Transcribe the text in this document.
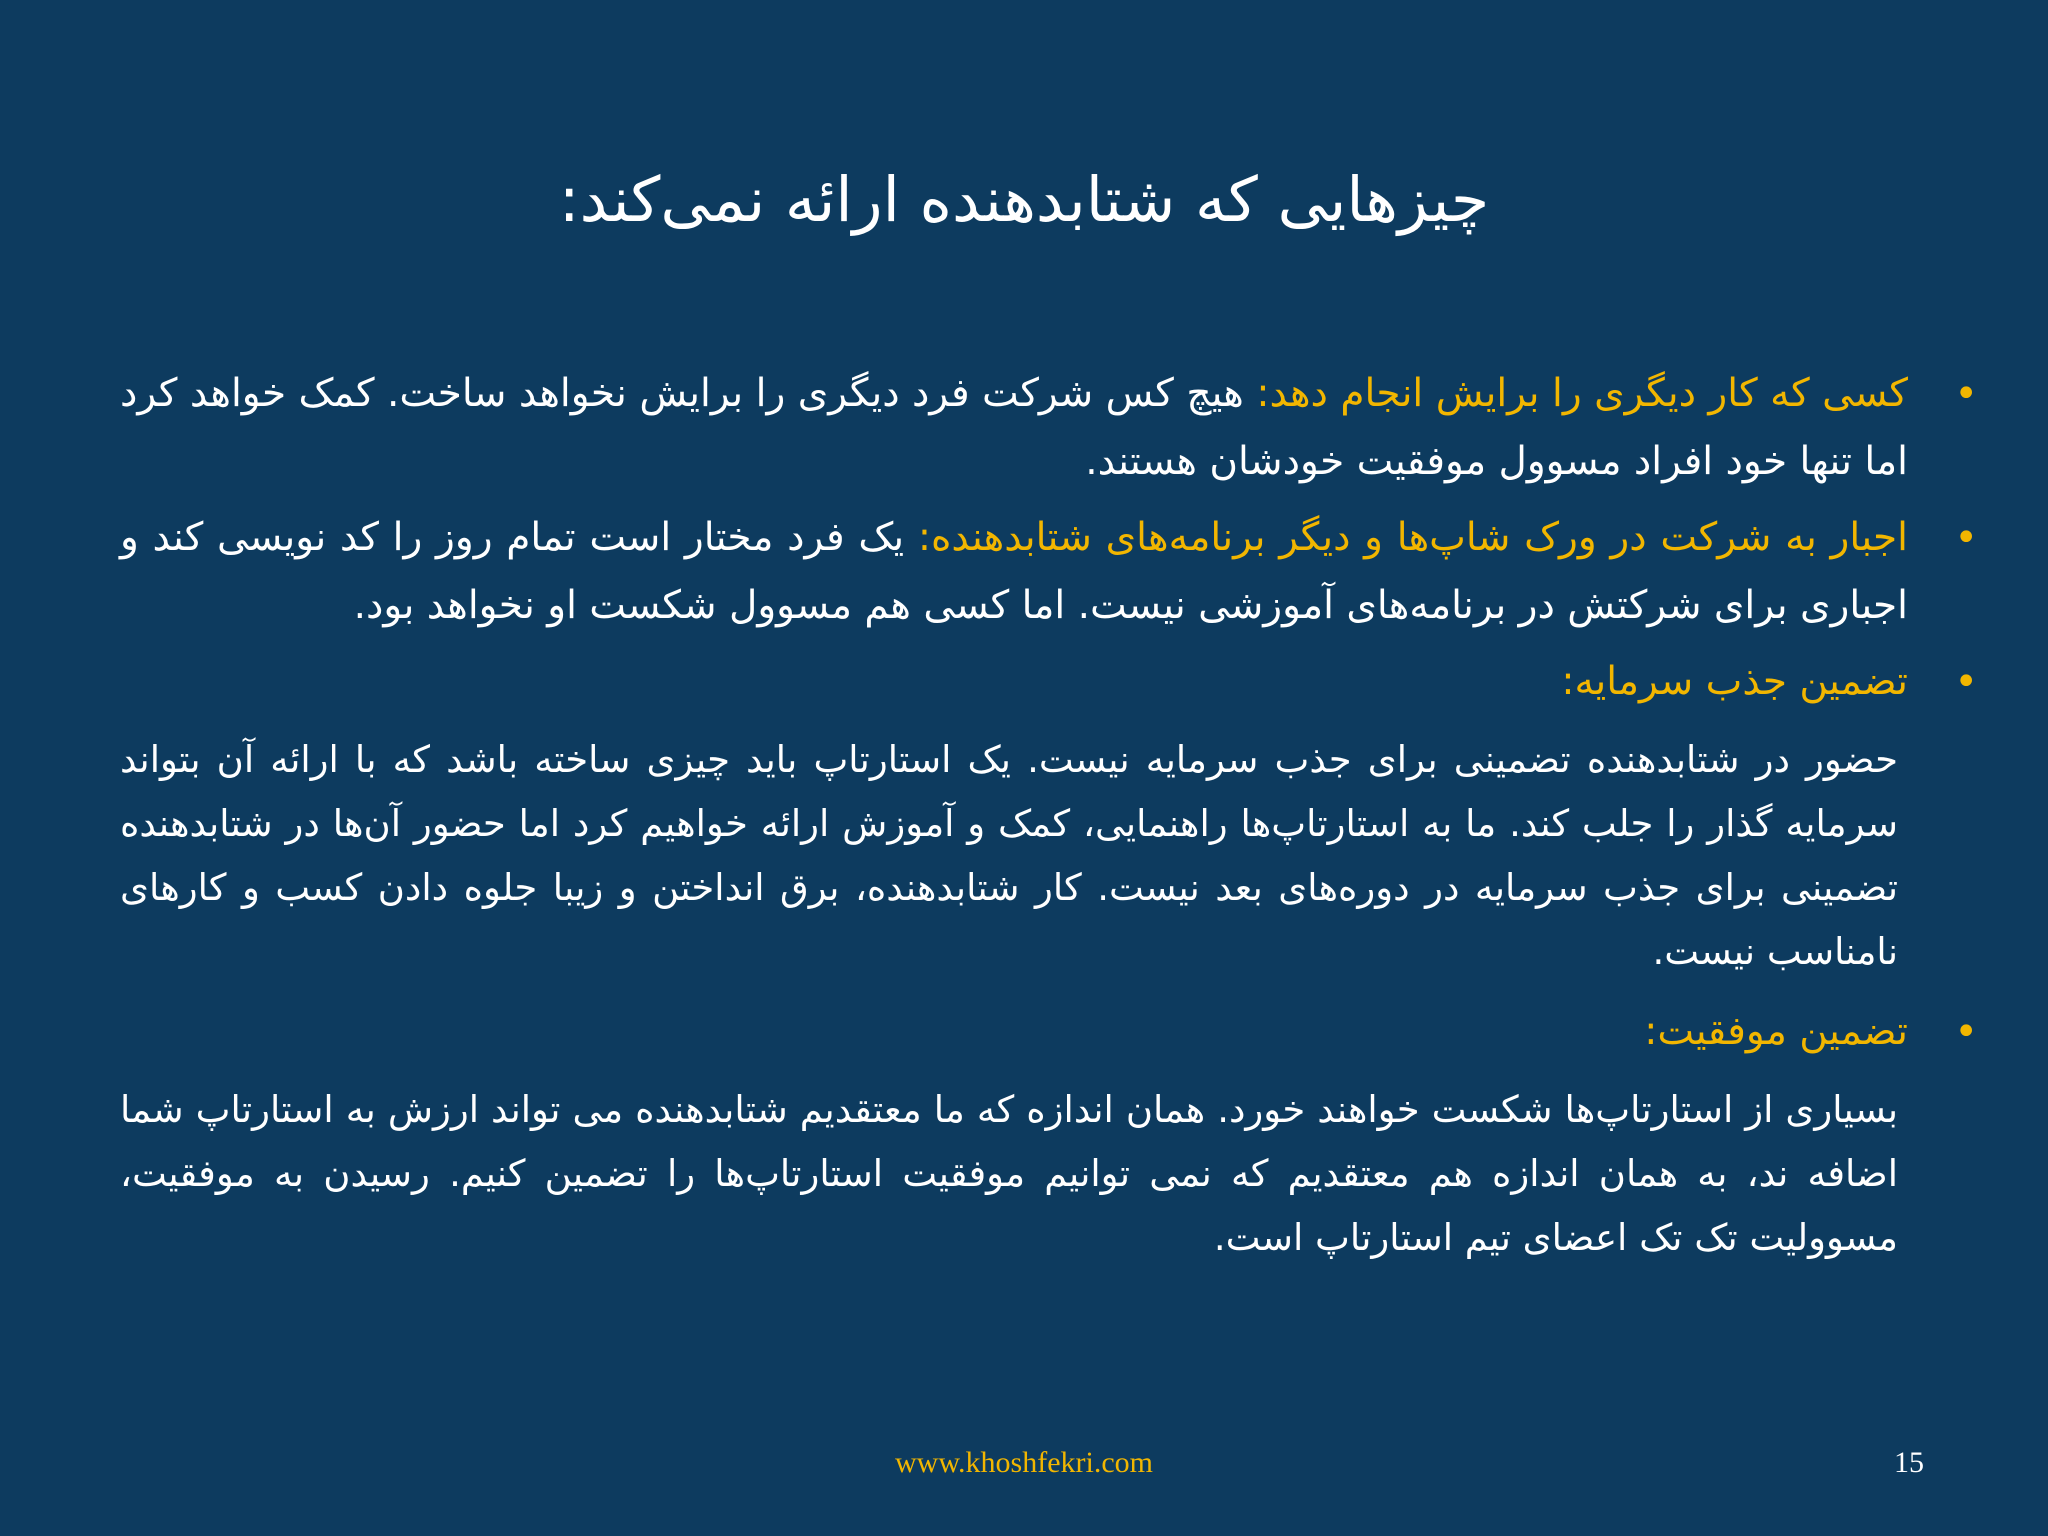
چیزهایی که شتابدهنده ارائه نمی‌کند:
•
کسی که کار دیگری را برایش انجام دهد: هیچ کس شرکت فرد دیگری را برایش نخواهد ساخت. کمک خواهد کرد اما تنها خود افراد مسوول موفقیت خودشان هستند.
•
اجبار به شرکت در ورک شاپ‌ها و دیگر برنامه‌های شتابدهنده: یک فرد مختار است تمام روز را کد نویسی کند و اجباری برای شرکتش در برنامه‌های آموزشی نیست. اما کسی هم مسوول شکست او نخواهد بود.
•
تضمین جذب سرمایه:

حضور در شتابدهنده تضمینی برای جذب سرمایه نیست. یک استارتاپ باید چیزی ساخته باشد که با ارائه آن بتواند سرمایه گذار را جلب کند. ما به استارتاپ‌ها راهنمایی، کمک و آموزش ارائه خواهیم کرد اما حضور آن‌ها در شتابدهنده تضمینی برای جذب سرمایه در دوره‌های بعد نیست. کار شتابدهنده، برق انداختن و زیبا جلوه دادن کسب و کارهای نامناسب نیست.

•
تضمین موفقیت:

بسیاری از استارتاپ‌ها شکست خواهند خورد. همان اندازه که ما معتقدیم شتابدهنده می تواند ارزش به استارتاپ شما اضافه ند، به همان اندازه هم معتقدیم که نمی توانیم موفقیت استارتاپ‌ها را تضمین کنیم. رسیدن به موفقیت، مسوولیت تک تک اعضای تیم استارتاپ است.

www.khoshfekri.com	15
